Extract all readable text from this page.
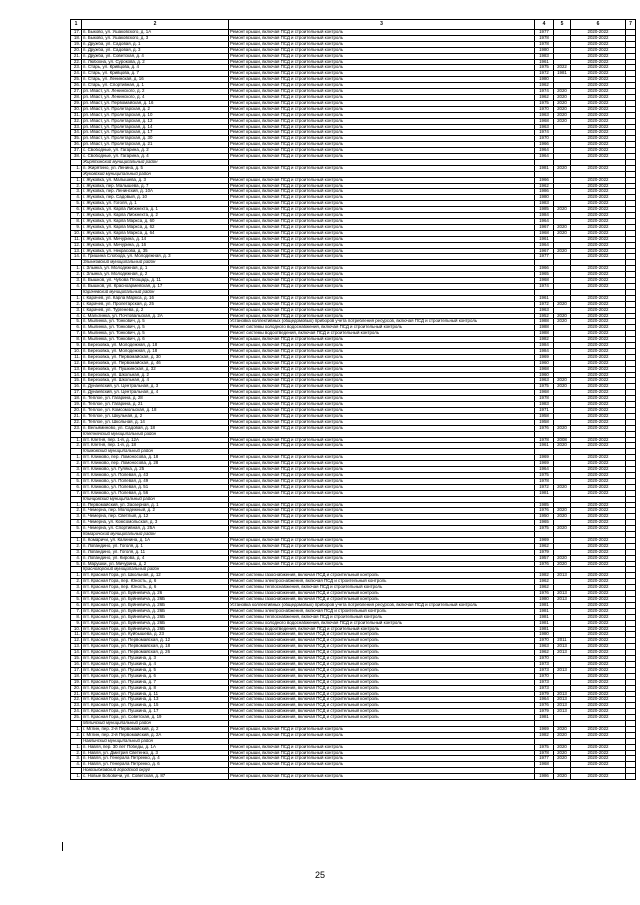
1	2	3	4	5	6	7
17.	п. Быково, ул. Ушаковского, д. 1А	Ремонт крыши, включая ПСД и строительный контроль	1977		2020-2022	
18.	п. Быково, ул. Ушаковского, д. 3	Ремонт крыши, включая ПСД и строительный контроль	1978		2020-2022	
19.	п. Дружба, ул. Садовая, д. 1	Ремонт крыши, включая ПСД и строительный контроль	1978		2020-2022	
20.	п. Дружба, ул. Садовая, д. 3	Ремонт крыши, включая ПСД и строительный контроль	1980		2020-2022	
21.	п. Дружба, ул. Советская, д. 4	Ремонт крыши, включая ПСД и строительный контроль	1983		2020-2022	
22.	п. Любохна, ул. Сурокова, д. 2	Ремонт крыши, включая ПСД и строительный контроль	1961		2020-2022	
23.	п. Старь, ул. Кривцова, д. 4	Ремонт крыши, включая ПСД и строительный контроль	1975	2022	2020-2022	
24.	п. Старь, ул. Кривцова, д. 7	Ремонт крыши, включая ПСД и строительный контроль	1972	1981	2020-2022	
25.	п. Старь, ул. Ленинская, д. 16	Ремонт крыши, включая ПСД и строительный контроль	1980		2020-2022	
26.	п. Старь, ул. Спортивная, д. 1	Ремонт крыши, включая ПСД и строительный контроль	1962		2020-2022	
27.	рп. Иваст, ул. Ленинского, д. 2	Ремонт крыши, включая ПСД и строительный контроль	1974	2020	2020-2022	
28.	рп. Иваст, ул. Ленинского, д. 4	Ремонт крыши, включая ПСД и строительный контроль	1962	2020	2020-2022	
29.	рп. Иваст, ул. Первомайская, д. 16	Ремонт крыши, включая ПСД и строительный контроль	1975	2020	2020-2022	
30.	рп. Иваст, ул. Пролетарская, д. 2	Ремонт крыши, включая ПСД и строительный контроль	1970	2020	2020-2022	
31.	рп. Иваст, ул. Пролетарская, д. 10	Ремонт крыши, включая ПСД и строительный контроль	1963	2020	2020-2022	
32.	рп. Иваст, ул. Пролетарская, д. 12	Ремонт крыши, включая ПСД и строительный контроль	1968	2020	2020-2022	
33.	рп. Иваст, ул. Пролетарская, д. 14	Ремонт крыши, включая ПСД и строительный контроль	1963		2020-2022	
34.	рп. Иваст, ул. Пролетарская, д. 17	Ремонт крыши, включая ПСД и строительный контроль	1974		2020-2022	
35.	рп. Иваст, ул. Пролетарская, д. 30	Ремонт крыши, включая ПСД и строительный контроль	1970		2020-2022	
36.	рп. Иваст, ул. Пролетарская, д. 21	Ремонт крыши, включая ПСД и строительный контроль	1966		2020-2022	
37.	с. Свободные, ул. Гагарина, д. 2	Ремонт крыши, включая ПСД и строительный контроль	1964		2020-2022	
38.	с. Свободные, ул. Гагарина, д. 4	Ремонт крыши, включая ПСД и строительный контроль	1964		2020-2022	
	Жирятинский муниципальный район					
1.	п. Жирятино, ул. Ленина, д. 5	Ремонт крыши, включая ПСД и строительный контроль	1981	2020	2020-2022	
	Жуковский муниципальный район					
1.	г. Жуковка, ул. Малышева, д. 3	Ремонт крыши, включая ПСД и строительный контроль	1966		2020-2022	
2.	г. Жуковка, пер. Малышева, д. 7	Ремонт крыши, включая ПСД и строительный контроль	1962		2020-2022	
3.	г. Жуковка, пер. Ленинский, д. 10А	Ремонт крыши, включая ПСД и строительный контроль	1986		2020-2022	
4.	г. Жуковка, пер. Садовый, д. 10	Ремонт крыши, включая ПСД и строительный контроль	1980		2020-2022	
5.	г. Жуковка, ул. Гоголя, д. 1	Ремонт крыши, включая ПСД и строительный контроль	1983		2020-2022	
6.	г. Жуковка, ул. Карла Либкнехта, д. 1	Ремонт крыши, включая ПСД и строительный контроль	1985	2020	2020-2022	
7.	г. Жуковка, ул. Карла Либкнехта, д. 2	Ремонт крыши, включая ПСД и строительный контроль	1984		2020-2022	
8.	г. Жуковка, ул. Карла Маркса, д. 60	Ремонт крыши, включая ПСД и строительный контроль	1964		2020-2022	
9.	г. Жуковка, ул. Карла Маркса, д. 62	Ремонт крыши, включая ПСД и строительный контроль	1967	2020	2020-2022	
10.	г. Жуковка, ул. Карла Маркса, д. 64	Ремонт крыши, включая ПСД и строительный контроль	1968	2020	2020-2022	
11.	г. Жуковка, ул. Мичурина, д. 14	Ремонт крыши, включая ПСД и строительный контроль	1961		2020-2022	
12.	г. Жуковка, ул. Мичурина, д. 16	Ремонт крыши, включая ПСД и строительный контроль	1964		2020-2022	
13.	г. Жуковка, ул. Некрасова, д. 35	Ремонт крыши, включая ПСД и строительный контроль	1967	2020	2020-2022	
14.	п. Гришина Слобода, ул. Молодежная, д. 3	Ремонт крыши, включая ПСД и строительный контроль	1977		2020-2022	
	Злынковский муниципальный район					
1.	г. Злынка, ул. Молодежная, д. 1	Ремонт крыши, включая ПСД и строительный контроль	1966		2020-2022	
2.	г. Злынка, ул. Молодежная, д. 2	Ремонт крыши, включая ПСД и строительный контроль	1965		2020-2022	
3.	п. Вышков, ул. Чубова Площадь, д. 11	Ремонт крыши, включая ПСД и строительный контроль	1968		2020-2022	
4.	п. Вышков, ул. Красноармейская, д. 17	Ремонт крыши, включая ПСД и строительный контроль	1974		2020-2022	
	Карачевский муниципальный район					
1.	г. Карачев, ул. Карла Маркса, д. 16	Ремонт крыши, включая ПСД и строительный контроль	1961		2020-2022	
2.	г. Карачев, ул. Пролетарская, д. 25	Ремонт крыши, включая ПСД и строительный контроль	1972	2020	2020-2022	
3.	г. Карачев, ул. Тургенева, д. 2	Ремонт крыши, включая ПСД и строительный контроль	1963		2020-2022	
4.	с. Мальтинка, ул. Почтовальская, д. 2А	Ремонт крыши, включая ПСД и строительный контроль	1952	2020	2020-2022	
5.	п. Мылинка, ул. Тонкович, д. 5	Установка коллективных (общедомовых) приборов учета потребления ресурсов, включая ПСД и строительный контроль	1988	2020	2020-2022	
6.	п. Мылинка, ул. Тонкович, д. 5	Ремонт системы холодного водоснабжения, включая ПСД и строительный контроль	1988		2020-2022	
7.	п. Мылинка, ул. Тонкович, д. 5	Ремонт системы водоотведения, включая ПСД и строительный контроль	1988		2020-2022	
8.	п. Мылинка, ул. Тонкович, д. 6	Ремонт крыши, включая ПСД и строительный контроль	1982		2020-2022	
9.	п. Березовка, ул. Молодежная, д. 18	Ремонт крыши, включая ПСД и строительный контроль	1984		2020-2022	
10.	п. Березовка, ул. Молодежная, д. 18	Ремонт крыши, включая ПСД и строительный контроль	1984		2020-2022	
11.	п. Березовка, ул. Первомайская, д. 30	Ремонт крыши, включая ПСД и строительный контроль	1969		2020-2022	
12.	п. Березовка, ул. Первомайская, д. 46	Ремонт крыши, включая ПСД и строительный контроль	1960		2020-2022	
13.	п. Березовка, ул. Пушкинская, д. 32	Ремонт крыши, включая ПСД и строительный контроль	1968		2020-2022	
14.	п. Березовка, ул. Школьная, д. 2	Ремонт крыши, включая ПСД и строительный контроль	1960		2020-2022	
15.	п. Березовка, ул. Школьная, д. 4	Ремонт крыши, включая ПСД и строительный контроль	1963	2020	2020-2022	
16.	п. Дунаевский, ул. Центральная, д. 3	Ремонт крыши, включая ПСД и строительный контроль	1975	2020	2020-2022	
17.	п. Дунаевский, ул. Центральная, д. 4	Ремонт крыши, включая ПСД и строительный контроль	1968		2020-2022	
18.	п. Теплое, ул. Гагарина, д. 28	Ремонт крыши, включая ПСД и строительный контроль	1978		2020-2022	
19.	п. Теплое, ул. Гагарина, д. 21	Ремонт крыши, включая ПСД и строительный контроль	1983		2020-2022	
20.	п. Теплое, ул. Комсомольская, д. 18	Ремонт крыши, включая ПСД и строительный контроль	1971		2020-2022	
21.	п. Теплое, ул. Шкульная, д. 2	Ремонт крыши, включая ПСД и строительный контроль	1958		2020-2022	
22.	п. Теплое, ул. Школьная, д. 14	Ремонт крыши, включая ПСД и строительный контроль	1958		2020-2022	
23.	п. Вельяминово, ул. Садовая, д. 18	Ремонт крыши, включая ПСД и строительный контроль	1976	2020	2020-2022	
	Клетнянский муниципальный район					
1.	пгт. Клетня, пер. 1-й, д. 12А	Ремонт крыши, включая ПСД и строительный контроль	1978	2008	2020-2022	
2.	пгт. Клетня, пер. 1-й, д. 18	Ремонт крыши, включая ПСД и строительный контроль	1961	2020	2020-2022	
	Климовский муниципальный район					
1.	пгт. Климово, пер. Ломоносова, д. 18	Ремонт крыши, включая ПСД и строительный контроль	1969		2020-2022	
2.	пгт. Климово, пер. Ломоносова, д. 28	Ремонт крыши, включая ПСД и строительный контроль	1969		2020-2022	
3.	пгт. Климово, ул. Гуляка, д. 25	Ремонт крыши, включая ПСД и строительный контроль	1964		2020-2022	
4.	пгт. Климово, ул. Полевая, д. 43	Ремонт крыши, включая ПСД и строительный контроль	1975		2020-2022	
5.	пгт. Климово, ул. Полевая, д. 49	Ремонт крыши, включая ПСД и строительный контроль	1978		2020-2022	
6.	пгт. Климово, ул. Полевая, д. 51	Ремонт крыши, включая ПСД и строительный контроль	1972	2020	2020-2022	
7.	пгт. Климово, ул. Полевая, д. 56	Ремонт крыши, включая ПСД и строительный контроль	1981		2020-2022	
	Клинцовский муниципальный район					
1.	п. Первомайский, ул. Заозерная, д. 1	Ремонт крыши, включая ПСД и строительный контроль	1985		2020-2022	
2.	п. Чемерна, пер. Молодежный, д. 2	Ремонт крыши, включая ПСД и строительный контроль	1976	2020	2020-2022	
3.	п. Чемерна, пер. Светлый, д. 12	Ремонт крыши, включая ПСД и строительный контроль	1950	2020	2020-2022	
4.	п. Чемерна, ул. Комсомольская, д. 3	Ремонт крыши, включая ПСД и строительный контроль	1965		2020-2022	
5.	п. Чемерна, ул. Спортивная, д. 25А	Ремонт крыши, включая ПСД и строительный контроль	1975	2020	2020-2022	
	Комаричский муниципальный район					
1.	п. Комаричи, ул. Калинина, д. 1А	Ремонт крыши, включая ПСД и строительный контроль	1969		2020-2022	
2.	п. Лопандино, ул. Гоголя, д. 1	Ремонт крыши, включая ПСД и строительный контроль	1962		2020-2022	
3.	п. Лопандино, ул. Гоголя, д. 11	Ремонт крыши, включая ПСД и строительный контроль	1979		2020-2022	
4.	п. Лопандино, ул. Кирова, д. 4	Ремонт крыши, включая ПСД и строительный контроль	1957	2020	2020-2022	
5.	п. Марушки, ул. Мичурина, д. 2	Ремонт крыши, включая ПСД и строительный контроль	1976	2020	2020-2022	
	Красногорский муниципальный район					
1.	пгт. Красная Гора, ул. Школьная, д. 12	Ремонт системы газоснабжения, включая ПСД и строительный контроль	1982	2013	2020-2022	
2.	пгт. Красная Гора, пер. Юность, д. 6	Ремонт системы электроснабжения, включая ПСД и строительный контроль	1962		2020-2022	
3.	пгт. Красная Гора, пер. Юность, д. 6	Ремонт системы теплоснабжения, включая ПСД и строительный контроль	1962		2020-2022	
4.	пгт. Красная Гора, ул. Буйневича, д. 26	Ремонт системы газоснабжения, включая ПСД и строительный контроль	1976	2013	2020-2022	
5.	пгт. Красная Гора, ул. Буйневича, д. 26Б	Ремонт системы газоснабжения, включая ПСД и строительный контроль	1980	2013	2020-2022	
6.	пгт. Красная Гора, ул. Буйневича, д. 26Б	Установка коллективных (общедомовых) приборов учета потребления ресурсов, включая ПСД и строительный контроль	1981		2020-2022	
7.	пгт. Красная Гора, ул. Буйневича, д. 26Б	Ремонт системы электроснабжения, включая ПСД и строительный контроль	1981		2020-2022	
8.	пгт. Красная Гора, ул. Буйневича, д. 26Б	Ремонт системы теплоснабжения, включая ПСД и строительный контроль	1981		2020-2022	
9.	пгт. Красная Гора, ул. Буйневича, д. 26Б	Ремонт системы холодного водоснабжения, включая ПСД и строительный контроль	1981		2020-2022	
10.	пгт. Красная Гора, ул. Буйневича, д. 26Б	Ремонт системы водоотведения, включая ПСД и строительный контроль	1981		2020-2022	
11.	пгт. Красная Гора, ул. Куйбышева, д. 23	Ремонт системы газоснабжения, включая ПСД и строительный контроль	1980		2020-2022	
12.	пгт. Красная Гора, ул. Первомайская, д. 12	Ремонт системы газоснабжения, включая ПСД и строительный контроль	1970	2011	2020-2022	
13.	пгт. Красная Гора, ул. Первомайская, д. 18	Ремонт системы газоснабжения, включая ПСД и строительный контроль	1963	2013	2020-2022	
14.	пгт. Красная Гора, ул. Первомайская, д. 26	Ремонт системы газоснабжения, включая ПСД и строительный контроль	1962	2013	2020-2022	
15.	пгт. Красная Гора, ул. Пушкина, д. 3	Ремонт системы газоснабжения, включая ПСД и строительный контроль	1970		2020-2022	
16.	пгт. Красная Гора, ул. Пушкина, д. 4	Ремонт системы газоснабжения, включая ПСД и строительный контроль	1973		2020-2022	
17.	пгт. Красная Гора, ул. Пушкина, д. 5	Ремонт системы газоснабжения, включая ПСД и строительный контроль	1973	2013	2020-2022	
18.	пгт. Красная Гора, ул. Пушкина, д. 6	Ремонт системы газоснабжения, включая ПСД и строительный контроль	1970		2020-2022	
19.	пгт. Красная Гора, ул. Пушкина, д. 7	Ремонт системы газоснабжения, включая ПСД и строительный контроль	1973		2020-2022	
20.	пгт. Красная Гора, ул. Пушкина, д. 8	Ремонт системы газоснабжения, включая ПСД и строительный контроль	1973		2020-2022	
21.	пгт. Красная Гора, ул. Пушкина, д. 11	Ремонт системы газоснабжения, включая ПСД и строительный контроль	1979	2013	2020-2022	
22.	пгт. Красная Гора, ул. Пушкина, д. 13	Ремонт системы газоснабжения, включая ПСД и строительный контроль	1964	2013	2020-2022	
23.	пгт. Красная Гора, ул. Пушкина, д. 15	Ремонт системы газоснабжения, включая ПСД и строительный контроль	1976	2013	2020-2022	
24.	пгт. Красная Гора, ул. Пушкина, д. 17	Ремонт системы газоснабжения, включая ПСД и строительный контроль	1979	2013	2020-2022	
25.	пгт. Красная Гора, ул. Советская, д. 19	Ремонт системы газоснабжения, включая ПСД и строительный контроль	1981		2020-2022	
	Мглинский муниципальный район					
1.	г. Мглин, пер. 2-й Первомайский, д. 2	Ремонт крыши, включая ПСД и строительный контроль	1969	2020	2020-2022	
2.	г. Мглин, пер. 2-й Первомайский, д. 2А	Ремонт крыши, включая ПСД и строительный контроль	1982	2020	2020-2022	
	Навлинский муниципальный район					
1.	п. Навля, пер. 30 лет Победы, д. 1А	Ремонт крыши, включая ПСД и строительный контроль	1975	2020	2020-2022	
2.	п. Навля, ул. Дмитрия Светенко, д. 3	Ремонт крыши, включая ПСД и строительный контроль	1978	2020	2020-2022	
3.	п. Навля, ул. Генерала Петренко, д. 4	Ремонт крыши, включая ПСД и строительный контроль	1977	2020	2020-2022	
4.	п. Навля, ул. Генерала Петренко, д. 6	Ремонт крыши, включая ПСД и строительный контроль	1968		2020-2022	
	Новозыбковский городской округ					
1.	с. Новые Бобовичи, ул. Советская, д. 87	Ремонт крыши, включая ПСД и строительный контроль	1986	2020	2020-2022	
25
